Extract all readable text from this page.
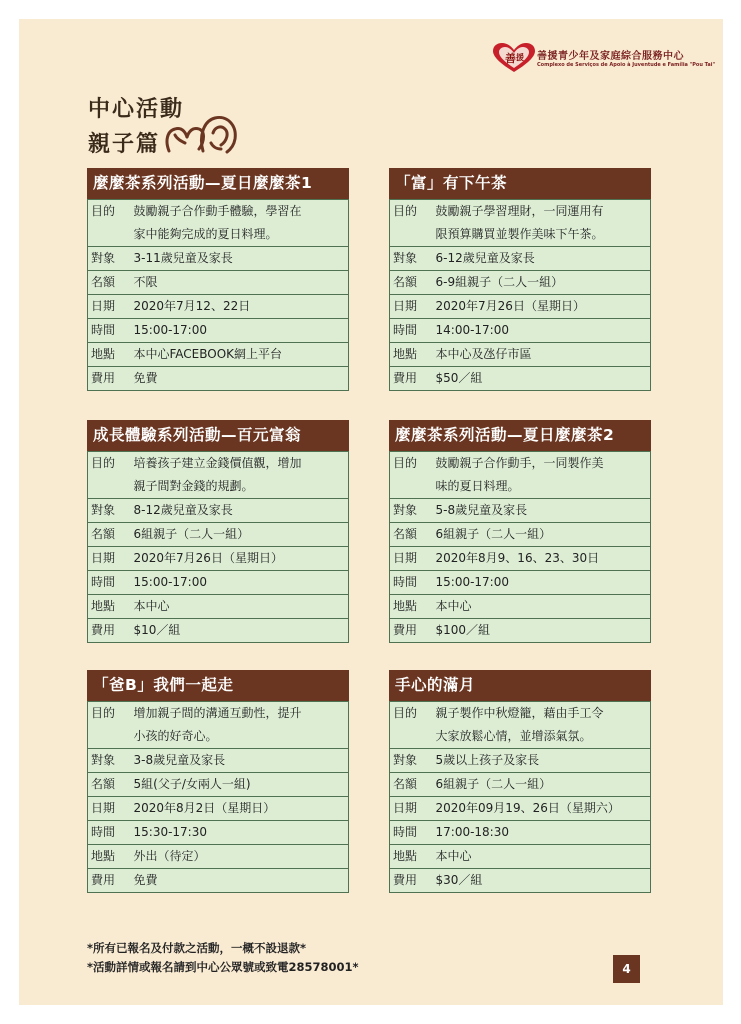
善 援 善援青少年及家庭綜合服務中心
Complexo de Serviços de Apoio à Juventude e Família "Pou Tai"
中心活動
親子篇
麼麼茶系列活動—夏日麼麼茶1
目的	鼓勵親子合作動手體驗，學習在
	家中能夠完成的夏日料理。
對象	3-11歲兒童及家長
名額	不限
日期	2020年7月12、22日
時間	15:00-17:00
地點	本中心FACEBOOK網上平台
費用	免費
「富」有下午茶
目的	鼓勵親子學習理財，一同運用有
	限預算購買並製作美味下午茶。
對象	6-12歲兒童及家長
名額	6-9組親子（二人一組）
日期	2020年7月26日（星期日）
時間	14:00-17:00
地點	本中心及氹仔市區
費用	$50／組
成長體驗系列活動—百元富翁
目的	培養孩子建立金錢價值觀，增加
	親子間對金錢的規劃。
對象	8-12歲兒童及家長
名額	6組親子（二人一組）
日期	2020年7月26日（星期日）
時間	15:00-17:00
地點	本中心
費用	$10／組
麼麼茶系列活動—夏日麼麼茶2
目的	鼓勵親子合作動手，一同製作美
	味的夏日料理。
對象	5-8歲兒童及家長
名額	6組親子（二人一組）
日期	2020年8月9、16、23、30日
時間	15:00-17:00
地點	本中心
費用	$100／組
「爸B」我們一起走
目的	增加親子間的溝通互動性，提升
	小孩的好奇心。
對象	3-8歲兒童及家長
名額	5組(父子/女兩人一組)
日期	2020年8月2日（星期日）
時間	15:30-17:30
地點	外出（待定）
費用	免費
手心的滿月
目的	親子製作中秋燈籠，藉由手工令
	大家放鬆心情，並增添氣氛。
對象	5歲以上孩子及家長
名額	6組親子（二人一組）
日期	2020年09月19、26日（星期六）
時間	17:00-18:30
地點	本中心
費用	$30／組
*所有已報名及付款之活動，一概不設退款*
*活動詳情或報名請到中心公眾號或致電28578001*	4
